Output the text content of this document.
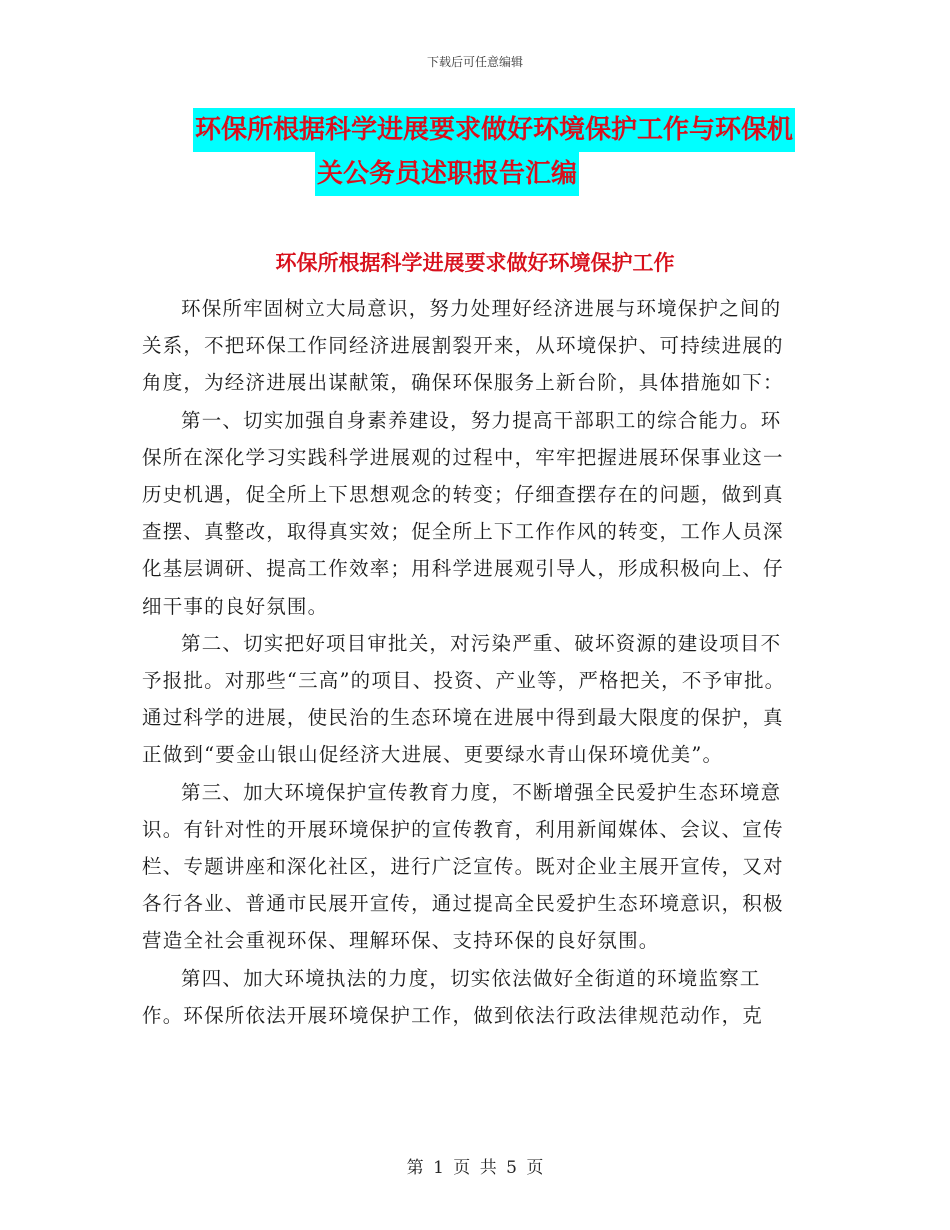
下载后可任意编辑
环保所根据科学进展要求做好环境保护工作与环保机
关公务员述职报告汇编
环保所根据科学进展要求做好环境保护工作

环保所牢固树立大局意识，努力处理好经济进展与环境保护之间的关系，不把环保工作同经济进展割裂开来，从环境保护、可持续进展的角度，为经济进展出谋献策，确保环保服务上新台阶，具体措施如下：

第一、切实加强自身素养建设，努力提高干部职工的综合能力。环保所在深化学习实践科学进展观的过程中，牢牢把握进展环保事业这一历史机遇，促全所上下思想观念的转变；仔细查摆存在的问题，做到真查摆、真整改，取得真实效；促全所上下工作作风的转变，工作人员深化基层调研、提高工作效率；用科学进展观引导人，形成积极向上、仔细干事的良好氛围。

第二、切实把好项目审批关，对污染严重、破坏资源的建设项目不予报批。对那些“三高”的项目、投资、产业等，严格把关，不予审批。通过科学的进展，使民治的生态环境在进展中得到最大限度的保护，真正做到“要金山银山促经济大进展、更要绿水青山保环境优美”。

第三、加大环境保护宣传教育力度，不断增强全民爱护生态环境意识。有针对性的开展环境保护的宣传教育，利用新闻媒体、会议、宣传栏、专题讲座和深化社区，进行广泛宣传。既对企业主展开宣传，又对各行各业、普通市民展开宣传，通过提高全民爱护生态环境意识，积极营造全社会重视环保、理解环保、支持环保的良好氛围。

第四、加大环境执法的力度，切实依法做好全街道的环境监察工作。环保所依法开展环境保护工作，做到依法行政法律规范动作，克

第 1 页 共 5 页
